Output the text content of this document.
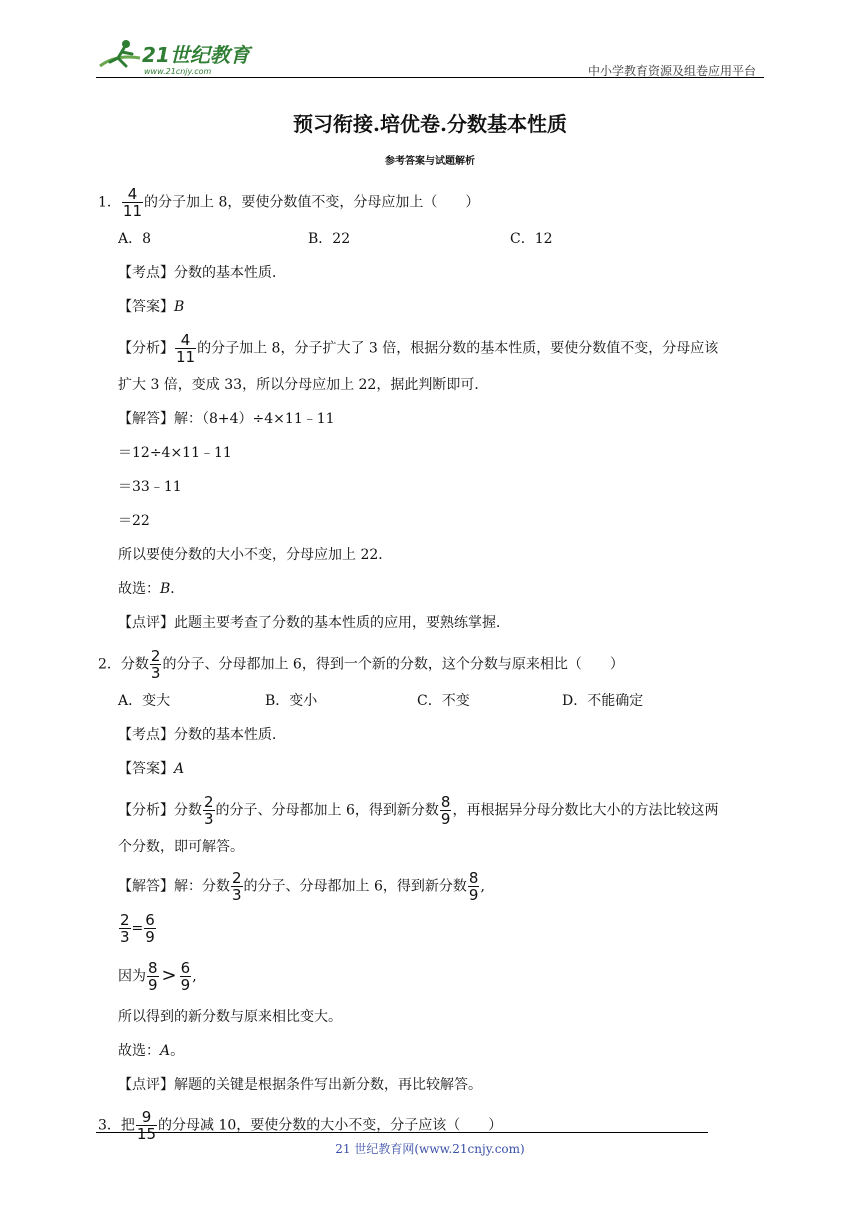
21世纪教育
www.21cnjy.com	中小学教育资源及组卷应用平台
预习衔接.培优卷.分数基本性质
参考答案与试题解析
1． $\frac{4}{11}$ 的分子加上 8，要使分数值不变，分母应加上（　　）
A．8	B．22	C．12
【考点】分数的基本性质．
【答案】B
【分析】 $\frac{4}{11}$ 的分子加上 8，分子扩大了 3 倍，根据分数的基本性质，要使分数值不变，分母应该
扩大 3 倍，变成 33，所以分母应加上 22，据此判断即可．
【解答】解：（8+4）÷4×11﹣11
＝12÷4×11﹣11
＝33﹣11
＝22
所以要使分数的大小不变，分母应加上 22．
故选：B．
【点评】此题主要考查了分数的基本性质的应用，要熟练掌握．
2．分数 $\frac{2}{3}$ 的分子、分母都加上 6，得到一个新的分数，这个分数与原来相比（　　）
A．变大	B．变小	C．不变	D．不能确定
【考点】分数的基本性质．
【答案】A
【分析】分数 $\frac{2}{3}$ 的分子、分母都加上 6，得到新分数 $\frac{8}{9}$ ，再根据异分母分数比大小的方法比较这两
个分数，即可解答。
【解答】解：分数 $\frac{2}{3}$ 的分子、分母都加上 6，得到新分数 $\frac{8}{9}$ ,
$\frac{2}{3} = \frac{6}{9}$
因为 $\frac{8}{9} > \frac{6}{9}$ ,
所以得到的新分数与原来相比变大。
故选：A。
【点评】解题的关键是根据条件写出新分数，再比较解答。
3．把 $\frac{9}{15}$ 的分母减 10，要使分数的大小不变，分子应该（　　）
21 世纪教育网(www.21cnjy.com)
